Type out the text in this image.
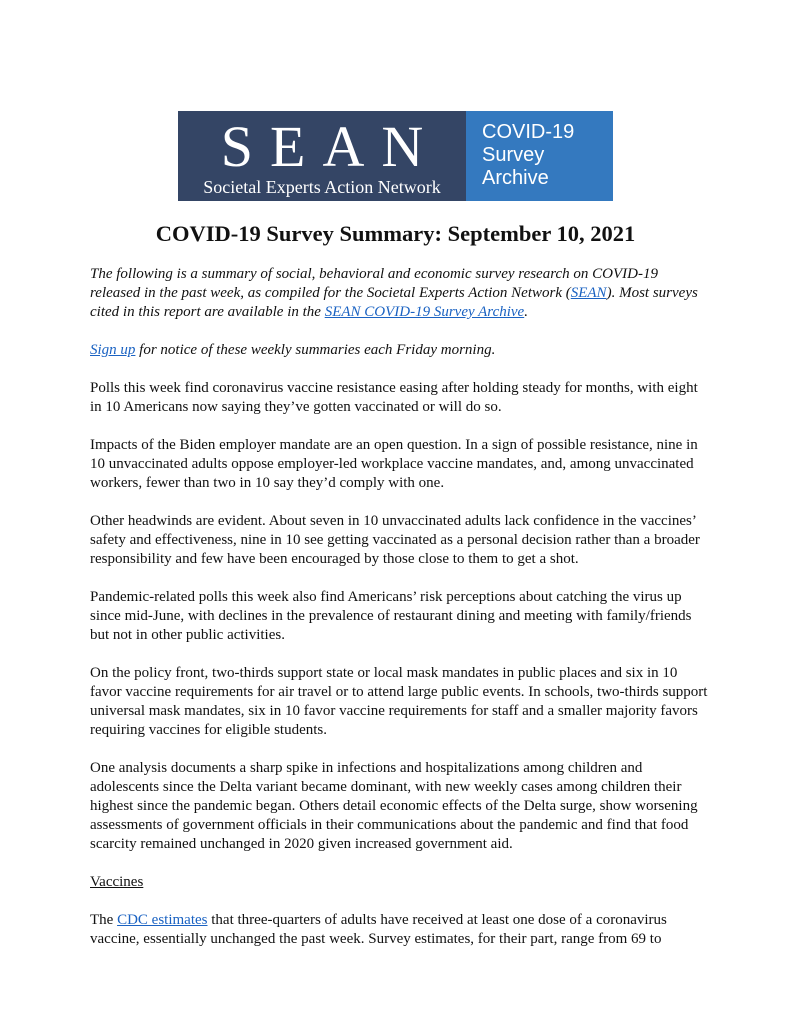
SEAN
Societal Experts Action Network
COVID-19
Survey
Archive
COVID-19 Survey Summary: September 10, 2021

The following is a summary of social, behavioral and economic survey research on COVID-19 released in the past week, as compiled for the Societal Experts Action Network (SEAN). Most surveys cited in this report are available in the SEAN COVID-19 Survey Archive.

Sign up for notice of these weekly summaries each Friday morning.

Polls this week find coronavirus vaccine resistance easing after holding steady for months, with eight in 10 Americans now saying they’ve gotten vaccinated or will do so.

Impacts of the Biden employer mandate are an open question. In a sign of possible resistance, nine in 10 unvaccinated adults oppose employer-led workplace vaccine mandates, and, among unvaccinated workers, fewer than two in 10 say they’d comply with one.

Other headwinds are evident. About seven in 10 unvaccinated adults lack confidence in the vaccines’ safety and effectiveness, nine in 10 see getting vaccinated as a personal decision rather than a broader responsibility and few have been encouraged by those close to them to get a shot.

Pandemic-related polls this week also find Americans’ risk perceptions about catching the virus up since mid-June, with declines in the prevalence of restaurant dining and meeting with family/friends but not in other public activities.

On the policy front, two-thirds support state or local mask mandates in public places and six in 10 favor vaccine requirements for air travel or to attend large public events. In schools, two-thirds support universal mask mandates, six in 10 favor vaccine requirements for staff and a smaller majority favors requiring vaccines for eligible students.

One analysis documents a sharp spike in infections and hospitalizations among children and adolescents since the Delta variant became dominant, with new weekly cases among children their highest since the pandemic began. Others detail economic effects of the Delta surge, show worsening assessments of government officials in their communications about the pandemic and find that food scarcity remained unchanged in 2020 given increased government aid.

Vaccines

The CDC estimates that three-quarters of adults have received at least one dose of a coronavirus vaccine, essentially unchanged the past week. Survey estimates, for their part, range from 69 to
